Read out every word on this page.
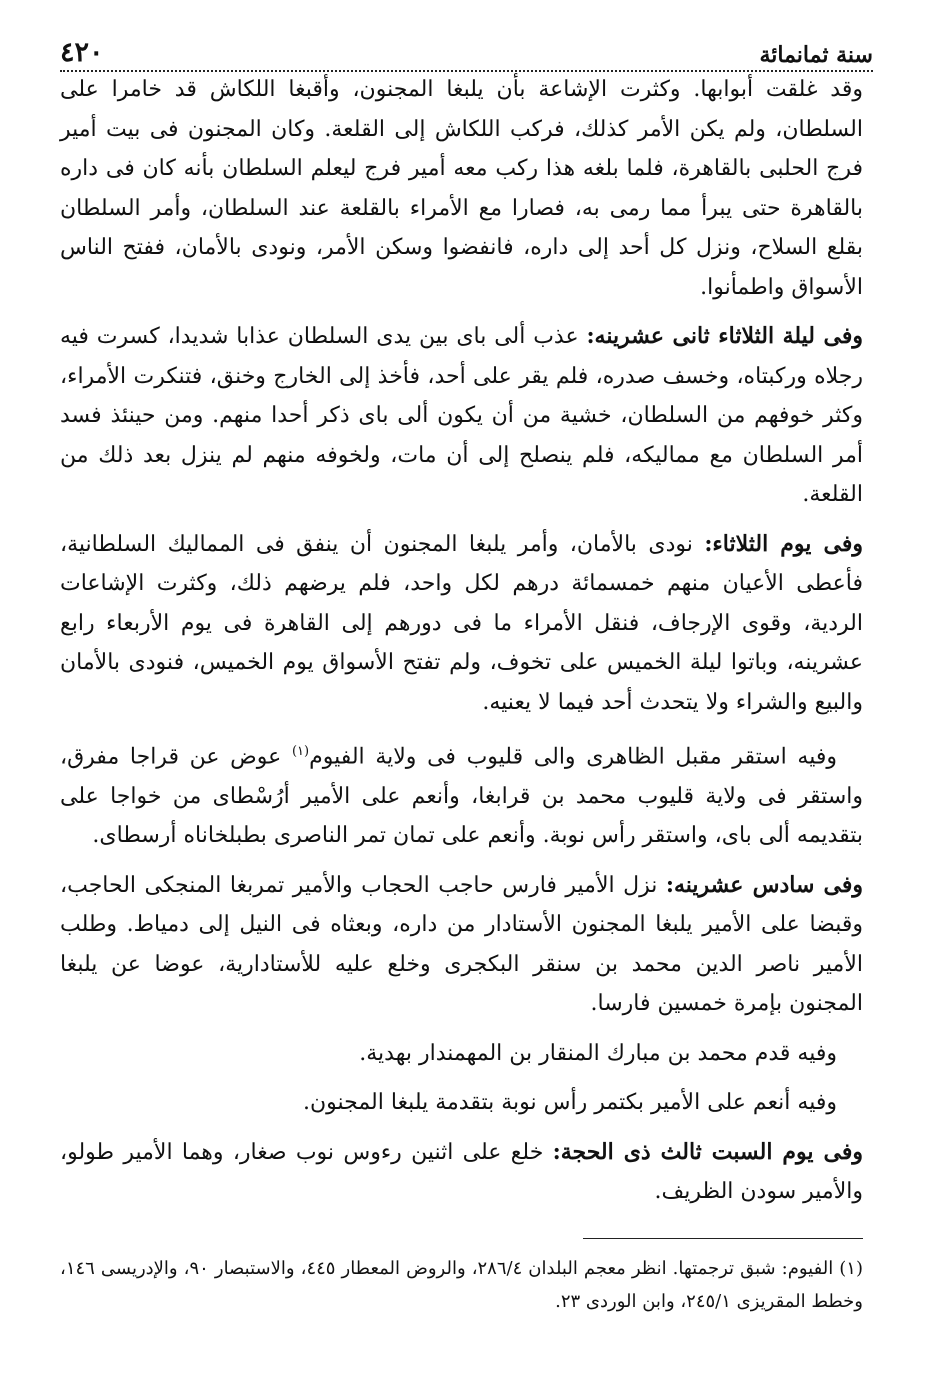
سنة ثمانمائة
٤٢٠

وقد غلقت أبوابها. وكثرت الإشاعة بأن يلبغا المجنون، وأقبغا اللكاش قد خامرا على السلطان، ولم يكن الأمر كذلك، فركب اللكاش إلى القلعة. وكان المجنون فى بيت أمير فرج الحلبى بالقاهرة، فلما بلغه هذا ركب معه أمير فرج ليعلم السلطان بأنه كان فى داره بالقاهرة حتى يبرأ مما رمى به، فصارا مع الأمراء بالقلعة عند السلطان، وأمر السلطان بقلع السلاح، ونزل كل أحد إلى داره، فانفضوا وسكن الأمر، ونودى بالأمان، ففتح الناس الأسواق واطمأنوا.

وفى ليلة الثلاثاء ثانى عشرينه: عذب ألى باى بين يدى السلطان عذابا شديدا، كسرت فيه رجلاه وركبتاه، وخسف صدره، فلم يقر على أحد، فأخذ إلى الخارج وخنق، فتنكرت الأمراء، وكثر خوفهم من السلطان، خشية من أن يكون ألى باى ذكر أحدا منهم. ومن حينئذ فسد أمر السلطان مع مماليكه، فلم ينصلح إلى أن مات، ولخوفه منهم لم ينزل بعد ذلك من القلعة.

وفى يوم الثلاثاء: نودى بالأمان، وأمر يلبغا المجنون أن ينفق فى المماليك السلطانية، فأعطى الأعيان منهم خمسمائة درهم لكل واحد، فلم يرضهم ذلك، وكثرت الإشاعات الردية، وقوى الإرجاف، فنقل الأمراء ما فى دورهم إلى القاهرة فى يوم الأربعاء رابع عشرينه، وباتوا ليلة الخميس على تخوف، ولم تفتح الأسواق يوم الخميس، فنودى بالأمان والبيع والشراء ولا يتحدث أحد فيما لا يعنيه.

وفيه استقر مقبل الظاهرى والى قليوب فى ولاية الفيوم$^{(١)}$ عوض عن قراجا مفرق، واستقر فى ولاية قليوب محمد بن قرابغا، وأنعم على الأمير أرُسْطاى من خواجا على بتقديمه ألى باى، واستقر رأس نوبة. وأنعم على تمان تمر الناصرى بطبلخاناه أرسطاى.

وفى سادس عشرينه: نزل الأمير فارس حاجب الحجاب والأمير تمربغا المنجكى الحاجب، وقبضا على الأمير يلبغا المجنون الأستادار من داره، وبعثاه فى النيل إلى دمياط. وطلب الأمير ناصر الدين محمد بن سنقر البكجرى وخلع عليه للأستادارية، عوضا عن يلبغا المجنون بإمرة خمسين فارسا.

وفيه قدم محمد بن مبارك المنقار بن المهمندار بهدية.

وفيه أنعم على الأمير بكتمر رأس نوبة بتقدمة يلبغا المجنون.

وفى يوم السبت ثالث ذى الحجة: خلع على اثنين رءوس نوب صغار، وهما الأمير طولو، والأمير سودن الظريف.

(١) الفيوم: شبق ترجمتها. انظر معجم البلدان ٢٨٦/٤، والروض المعطار ٤٤٥، والاستبصار ٩٠، والإدريسى ١٤٦، وخطط المقريزى ٢٤٥/١، وابن الوردى ٢٣.
